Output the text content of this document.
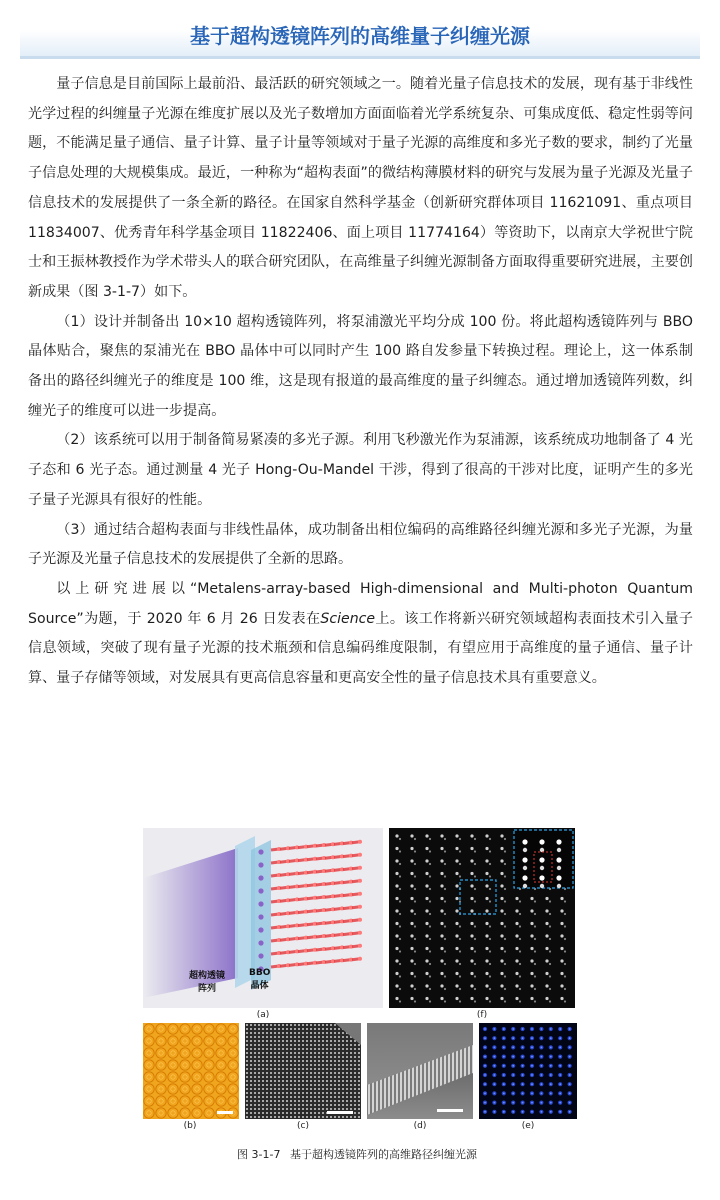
基于超构透镜阵列的高维量子纠缠光源

量子信息是目前国际上最前沿、最活跃的研究领域之一。随着光量子信息技术的发展，现有基于非线性光学过程的纠缠量子光源在维度扩展以及光子数增加方面面临着光学系统复杂、可集成度低、稳定性弱等问题，不能满足量子通信、量子计算、量子计量等领域对于量子光源的高维度和多光子数的要求，制约了光量子信息处理的大规模集成。最近，一种称为“超构表面”的微结构薄膜材料的研究与发展为量子光源及光量子信息技术的发展提供了一条全新的路径。在国家自然科学基金（创新研究群体项目 11621091、重点项目 11834007、优秀青年科学基金项目 11822406、面上项目 11774164）等资助下，以南京大学祝世宁院士和王振林教授作为学术带头人的联合研究团队，在高维量子纠缠光源制备方面取得重要研究进展，主要创新成果（图 3-1-7）如下。

（1）设计并制备出 10×10 超构透镜阵列，将泵浦激光平均分成 100 份。将此超构透镜阵列与 BBO 晶体贴合，聚焦的泵浦光在 BBO 晶体中可以同时产生 100 路自发参量下转换过程。理论上，这一体系制备出的路径纠缠光子的维度是 100 维，这是现有报道的最高维度的量子纠缠态。通过增加透镜阵列数，纠缠光子的维度可以进一步提高。

（2）该系统可以用于制备简易紧凑的多光子源。利用飞秒激光作为泵浦源，该系统成功地制备了 4 光子态和 6 光子态。通过测量 4 光子 Hong-Ou-Mandel 干涉，得到了很高的干涉对比度，证明产生的多光子量子光源具有很好的性能。

（3）通过结合超构表面与非线性晶体，成功制备出相位编码的高维路径纠缠光源和多光子光源，为量子光源及光量子信息技术的发展提供了全新的思路。

以上研究进展以“Metalens-array-based High-dimensional and Multi-photon Quantum Source”为题，于 2020 年 6 月 26 日发表在Science上。该工作将新兴研究领域超构表面技术引入量子信息领域，突破了现有量子光源的技术瓶颈和信息编码维度限制，有望应用于高维度的量子通信、量子计算、量子存储等领域，对发展具有更高信息容量和更高安全性的量子信息技术具有重要意义。

超构透镜
阵列
BBO
晶体
(a)	(f)
(b)	(c)	(d)	(e)
图 3-1-7 基于超构透镜阵列的高维路径纠缠光源
